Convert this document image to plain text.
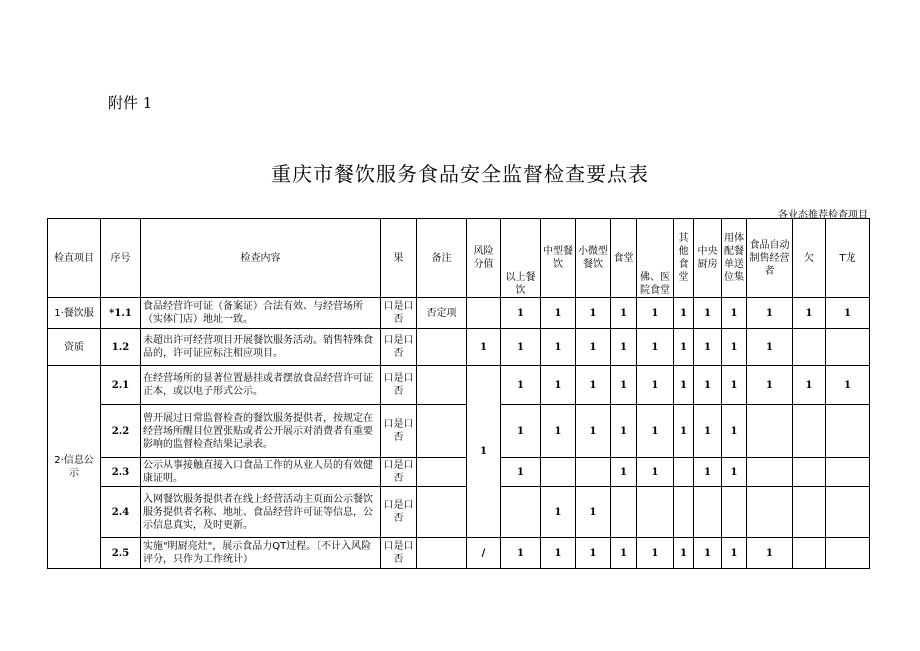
附件 1
重庆市餐饮服务食品安全监督检查要点表
各业态推荐检查项目
检直项目	序号	检查内容	果	备注	风险分值	以上餐饮	中型餐饮	小微型餐饮	食堂	佛、医院食堂	其他食堂	中央厨房	用体配餐单送位集	食品自动制售经营者	欠	T龙
1·餐饮服	*1.1	食品经营许可证（备案证）合法有效、与经营场所（实体门店）地址一致。	口是口否	否定项		1	1	1	1	1	1	1	1	1	1	1
资质	1.2	未超出许可经营项目开展餐饮服务活动。销售特殊食品的，许可证应标注相应项目。	口是口否		1	1	1	1	1	1	1	1	1	1		
2·信息公示	2.1	在经营场所的显著位置悬挂或者摆放食品经营许可证正本，或以电子形式公示。	口是口否		1	1	1	1	1	1	1	1	1	1	1	1
	2.2	曾开展过日常监督检查的餐饮服务提供者，按规定在经营场所醒目位置张贴或者公开展示对消费者有重要影响的监督检查结果记录表。	口是口否			1	1	1	1	1	1	1	1			
	2.3	公示从事接触直接入口食品工作的从业人员的有效健康证明。	口是口否			1			1	1		1	1			
	2.4	入网餐饮服务提供者在线上经营活动主页面公示餐饮服务提供者名称、地址、食品经营许可证等信息，公示信息真实，及时更新。	口是口否				1	1								
	2.5	实施"明厨亮灶"，展示食品力QT过程。〔不计入风险评分，只作为工作统计）	口是口否		/	1	1	1	1	1	1	1	1	1		
